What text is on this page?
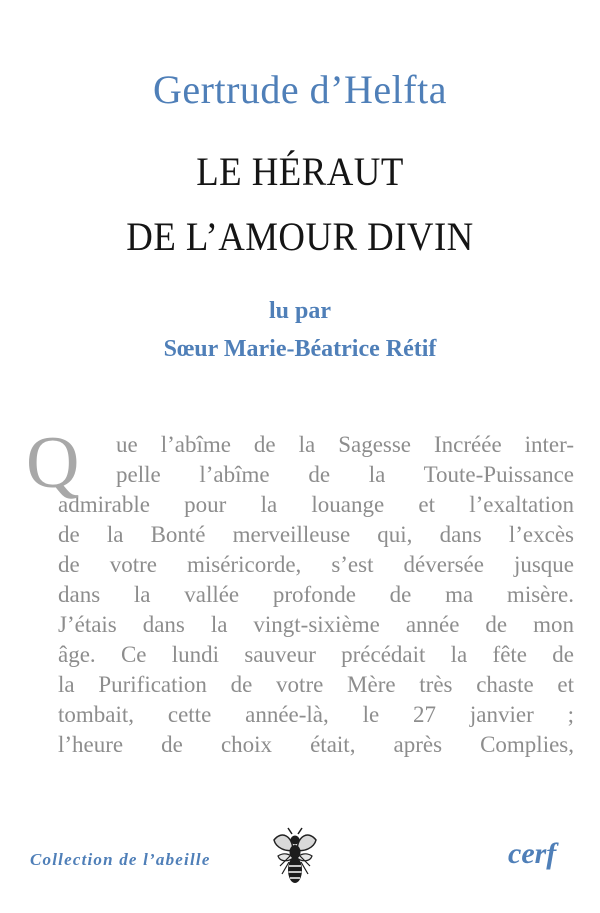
Gertrude d’Helfta
LE HÉRAUT
DE L’AMOUR DIVIN
lu par
Sœur Marie-Béatrice Rétif
Q	ue l’abîme de la Sagesse Incréée inter-
pelle l’abîme de la Toute-Puissance
admirable pour la louange et l’exaltation
de la Bonté merveilleuse qui, dans l’excès
de votre miséricorde, s’est déversée jusque
dans la vallée profonde de ma misère.
J’étais dans la vingt-sixième année de mon
âge. Ce lundi sauveur précédait la fête de
la Purification de votre Mère très chaste et
tombait, cette année-là, le 27 janvier ;
l’heure de choix était, après Complies,
Collection de l’abeille	cerf
